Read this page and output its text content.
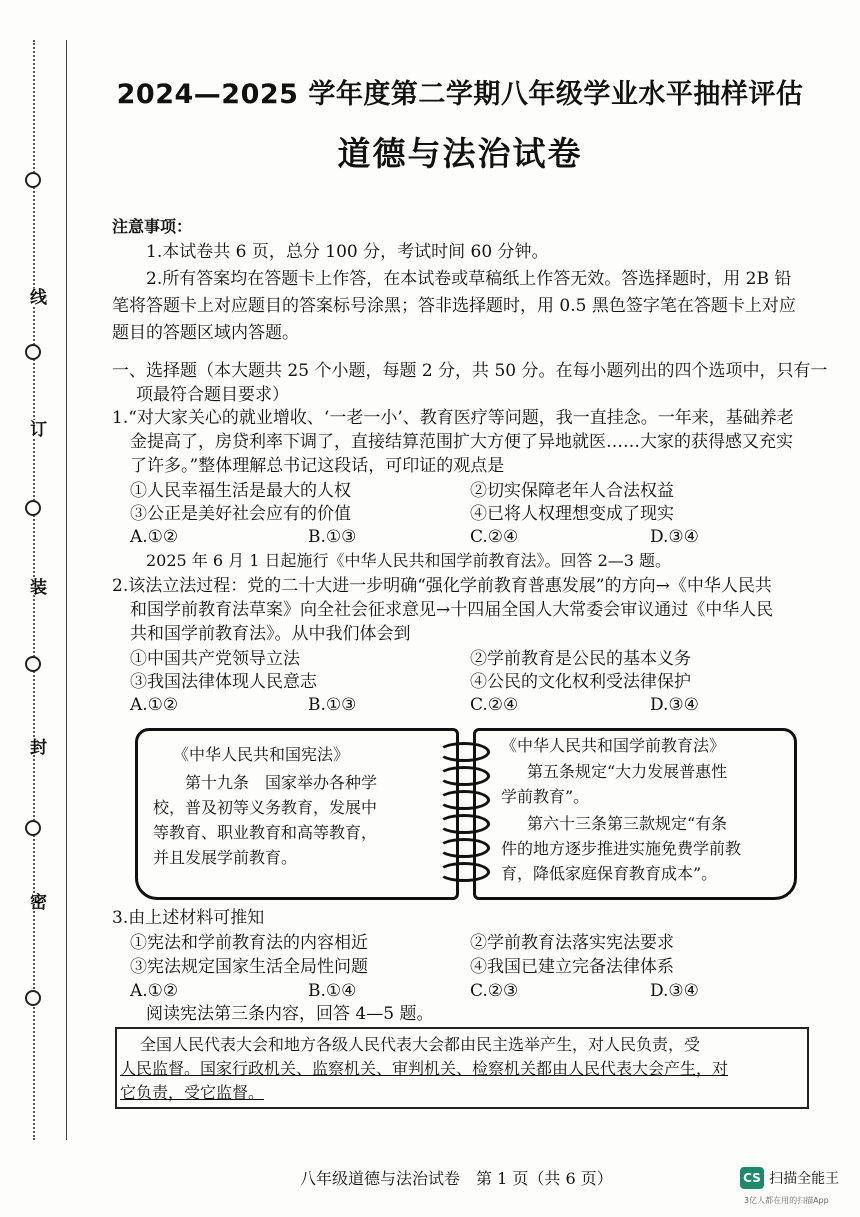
线
订
装
封
密
2024—2025 学年度第二学期八年级学业水平抽样评估
道德与法治试卷
注意事项：
1.本试卷共 6 页，总分 100 分，考试时间 60 分钟。
2.所有答案均在答题卡上作答，在本试卷或草稿纸上作答无效。答选择题时，用 2B 铅
笔将答题卡上对应题目的答案标号涂黑；答非选择题时，用 0.5 黑色签字笔在答题卡上对应
题目的答题区域内答题。
一、选择题（本大题共 25 个小题，每题 2 分，共 50 分。在每小题列出的四个选项中，只有一
项最符合题目要求）
1.“对大家关心的就业增收、‘一老一小’、教育医疗等问题，我一直挂念。一年来，基础养老
金提高了，房贷利率下调了，直接结算范围扩大方便了异地就医……大家的获得感又充实
了许多。”整体理解总书记这段话，可印证的观点是
①人民幸福生活是最大的人权	②切实保障老年人合法权益
③公正是美好社会应有的价值	④已将人权理想变成了现实
A.①②	B.①③	C.②④	D.③④
2025 年 6 月 1 日起施行《中华人民共和国学前教育法》。回答 2—3 题。
2.该法立法过程：党的二十大进一步明确“强化学前教育普惠发展”的方向→《中华人民共
和国学前教育法草案》向全社会征求意见→十四届全国人大常委会审议通过《中华人民
共和国学前教育法》。从中我们体会到
①中国共产党领导立法	②学前教育是公民的基本义务
③我国法律体现人民意志	④公民的文化权利受法律保护
A.①②	B.①③	C.②④	D.③④
《中华人民共和国宪法》
第十九条　国家举办各种学
校，普及初等义务教育，发展中
等教育、职业教育和高等教育，
并且发展学前教育。
《中华人民共和国学前教育法》
第五条规定“大力发展普惠性
学前教育”。
第六十三条第三款规定“有条
件的地方逐步推进实施免费学前教
育，降低家庭保育教育成本”。
3.由上述材料可推知
①宪法和学前教育法的内容相近	②学前教育法落实宪法要求
③宪法规定国家生活全局性问题	④我国已建立完备法律体系
A.①②	B.①④	C.②③	D.③④
阅读宪法第三条内容，回答 4—5 题。
全国人民代表大会和地方各级人民代表大会都由民主选举产生，对人民负责，受
人民监督。国家行政机关、监察机关、审判机关、检察机关都由人民代表大会产生，对
它负责，受它监督。
八年级道德与法治试卷　第 1 页（共 6 页）	CS 扫描全能王
3亿人都在用的扫描App
